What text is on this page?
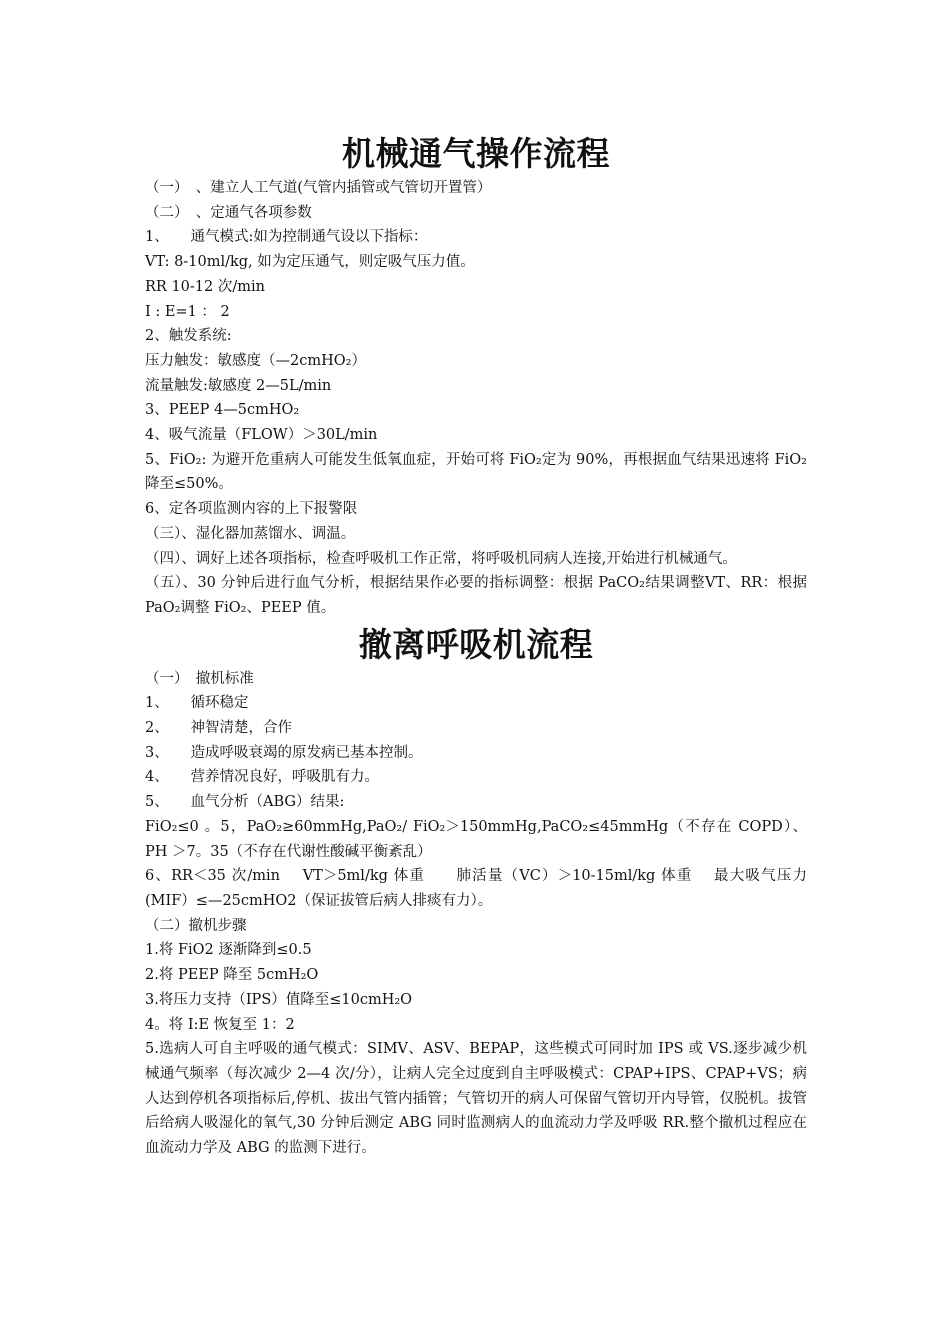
机械通气操作流程
（一）　、建立人工气道(气管内插管或气管切开置管）
（二）　、定通气各项参数
1、　　通气模式:如为控制通气设以下指标：
VT: 8-10ml/kg, 如为定压通气，则定吸气压力值。
RR 10-12 次/min
I : E=1 ： 2
2、触发系统:
压力触发：敏感度（—2cmHO₂）
流量触发:敏感度 2—5L/min
3、PEEP 4—5cmHO₂
4、吸气流量（FLOW）＞30L/min
5、FiO₂: 为避开危重病人可能发生低氧血症，开始可将 FiO₂定为 90%，再根据血气结果迅速将 FiO₂降至≤50%。
6、定各项监测内容的上下报警限
（三）、湿化器加蒸馏水、调温。
（四）、调好上述各项指标，检查呼吸机工作正常，将呼吸机同病人连接,开始进行机械通气。
（五）、30 分钟后进行血气分析，根据结果作必要的指标调整：根据 PaCO₂结果调整VT、RR：根据 PaO₂调整 FiO₂、PEEP 值。
撤离呼吸机流程
（一）　撤机标准
1、　　循环稳定
2、　　神智清楚，合作
3、　　造成呼吸衰竭的原发病已基本控制。
4、　　营养情况良好，呼吸肌有力。
5、　　血气分析（ABG）结果:
FiO₂≤0 。5，PaO₂≥60mmHg,PaO₂/ FiO₂＞150mmHg,PaCO₂≤45mmHg（不存在 COPD）、PH ＞7。35（不存在代谢性酸碱平衡紊乱）
6、RR＜35 次/min　 VT＞5ml/kg 体重　　肺活量（VC）＞10-15ml/kg 体重　 最大吸气压力(MIF）≤—25cmHO2（保证拔管后病人排痰有力）。
（二）撤机步骤
1.将 FiO2 逐渐降到≤0.5
2.将 PEEP 降至 5cmH₂O
3.将压力支持（IPS）值降至≤10cmH₂O
4。将 I:E 恢复至 1：2
5.选病人可自主呼吸的通气模式：SIMV、ASV、BEPAP，这些模式可同时加 IPS 或 VS.逐步减少机械通气频率（每次减少 2—4 次/分），让病人完全过度到自主呼吸模式：CPAP+IPS、CPAP+VS；病人达到停机各项指标后,停机、拔出气管内插管；气管切开的病人可保留气管切开内导管，仅脱机。拔管后给病人吸湿化的氧气,30 分钟后测定 ABG 同时监测病人的血流动力学及呼吸 RR.整个撤机过程应在血流动力学及 ABG 的监测下进行。
